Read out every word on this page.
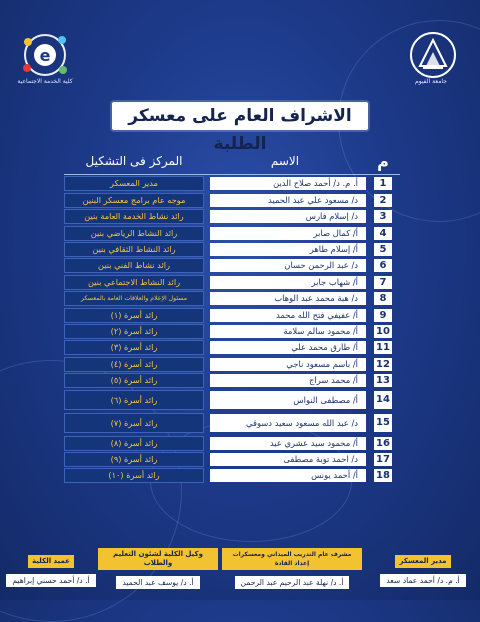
e
كلية الخدمة الاجتماعية	جامعة الفيوم
الاشراف العام على معسكر الطلبة
م
الاسم
المركز فى التشكيل
1
أ. م. د/ أحمد صلاح الدين
مدير المعسكر
2
د/ مسعود علي عبد الحميد
موجه عام برامج معسكر البنين
3
د/ إسلام فارس
رائد نشاط الخدمة العامة بنين
4
أ/ كمال صابر
رائد النشاط الرياضي بنين
5
أ/ إسلام طاهر
رائد النشاط الثقافي بنين
6
د/ عبد الرحمن حسان
رائد نشاط الفني بنين
7
أ/ شهاب جابر
رائد النشاط الاجتماعي بنين
8
د/ هبة محمد عبد الوهاب
مسئول الإعلام والعلاقات العامة بالمعسكر
9
أ/ عفيفي فتح الله محمد
رائد أسرة (١)
10
أ/ محمود سالم سلامة
رائد أسرة (٢)
11
أ/ طارق محمد علي
رائد أسرة (٣)
12
أ/ باسم مسعود ناجي
رائد أسرة (٤)
13
أ/ محمد سراج
رائد أسرة (٥)
14
أ/ مصطفى النواس
رائد أسرة (٦)
15
د/ عبد الله مسعود سعيد دسوقي
رائد أسرة (٧)
16
أ/ محمود سيد عشري عيد
رائد أسرة (٨)
17
د/ احمد توبة مصطفى
رائد أسرة (٩)
18
أ/ أحمد يونس
رائد أسرة (١٠)
مدير المعسكر
أ. م. د/ أحمد عماد سعد
مشرف عام التدريب الميداني ومعسكرات إعداد القادة
أ. د/ نهلة عبد الرحيم عبد الرحمن
وكيل الكلية لشئون التعليم والطلاب
أ. د/ يوسف عبد الحميد
عميد الكلية
أ. د/ أحمد حسني إبراهيم
